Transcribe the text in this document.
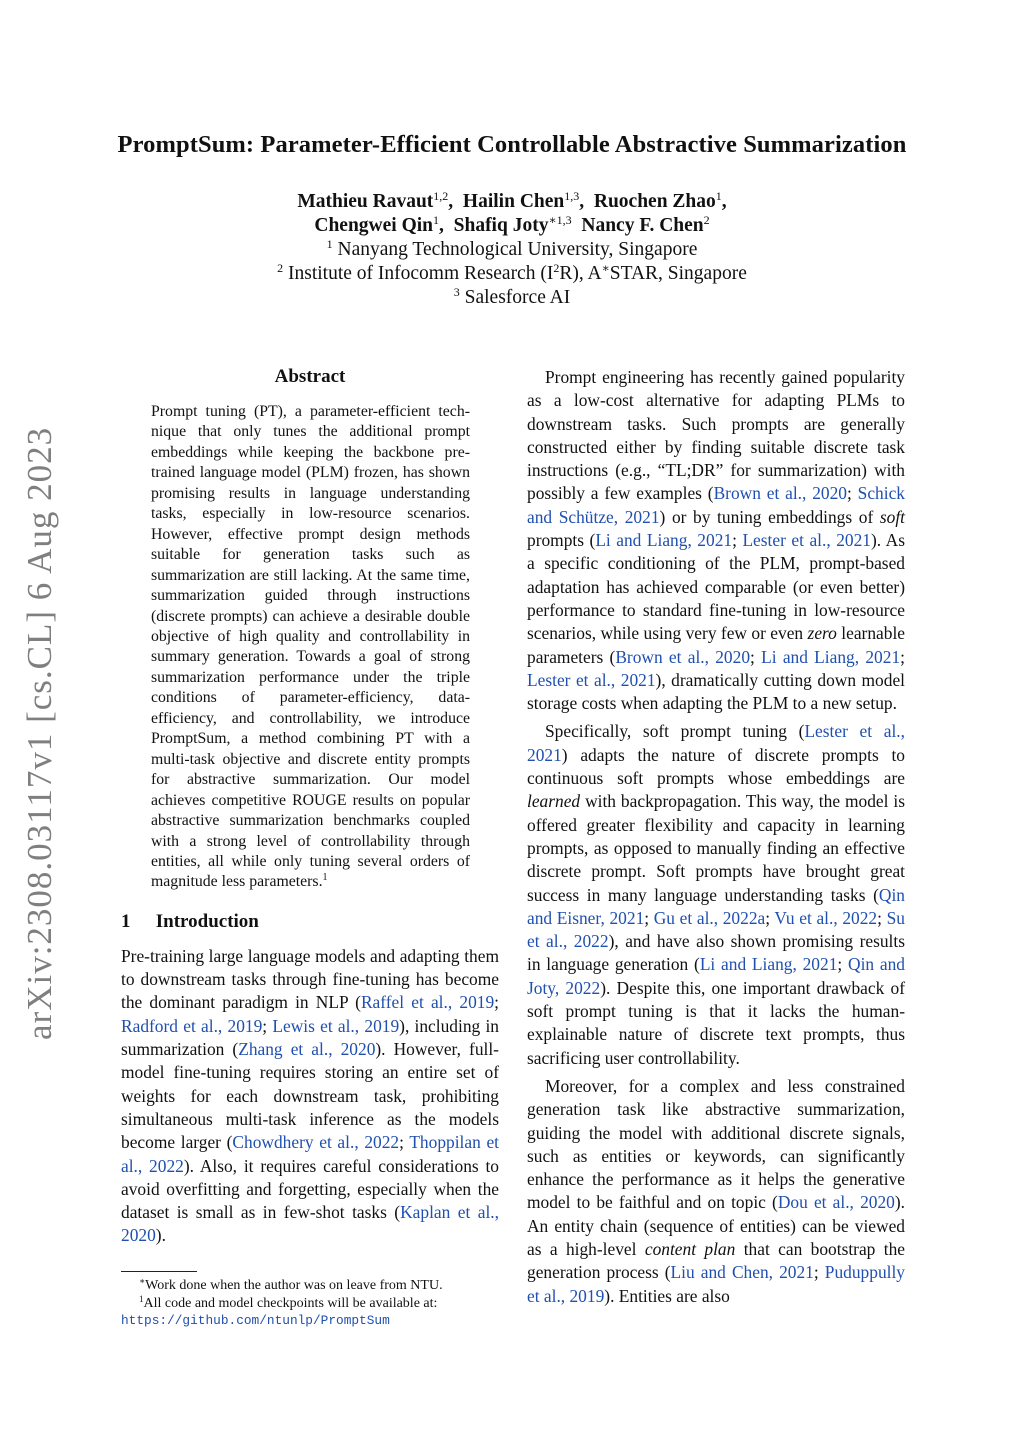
arXiv:2308.03117v1 [cs.CL] 6 Aug 2023
PromptSum: Parameter-Efficient Controllable Abstractive Summarization
Mathieu Ravaut$^{1,2}$,  Hailin Chen$^{1,3}$,  Ruochen Zhao$^1$,
Chengwei Qin$^1$,  Shafiq Joty$^{∗1,3}$ Nancy F. Chen$^2$
$^1$ Nanyang Technological University, Singapore
$^2$ Institute of Infocomm Research $(I^2R)$, A∗STAR, Singapore
$^3$ Salesforce AI
Abstract
Prompt tuning (PT), a parameter-efficient technique that only tunes the additional prompt embeddings while keeping the backbone pretrained language model (PLM) frozen, has shown promising results in language understanding tasks, especially in low-resource scenarios. However, effective prompt design methods suitable for generation tasks such as summarization are still lacking. At the same time, summarization guided through instructions (discrete prompts) can achieve a desirable double objective of high quality and controllability in summary generation. Towards a goal of strong summarization performance under the triple conditions of parameter-efficiency, data-efficiency, and controllability, we introduce PromptSum, a method combining PT with a multi-task objective and discrete entity prompts for abstractive summarization. Our model achieves competitive ROUGE results on popular abstractive summarization benchmarks coupled with a strong level of controllability through entities, all while only tuning several orders of magnitude less parameters.$^1$
1 Introduction

Pre-training large language models and adapting them to downstream tasks through fine-tuning has become the dominant paradigm in NLP (Raffel et al., 2019; Radford et al., 2019; Lewis et al., 2019), including in summarization (Zhang et al., 2020). However, full-model fine-tuning requires storing an entire set of weights for each downstream task, prohibiting simultaneous multi-task inference as the models become larger (Chowdhery et al., 2022; Thoppilan et al., 2022). Also, it requires careful considerations to avoid overfitting and forgetting, especially when the dataset is small as in few-shot tasks (Kaplan et al., 2020).

∗Work done when the author was on leave from NTU.
$^1$All code and model checkpoints will be available at:
https://github.com/ntunlp/PromptSum

Prompt engineering has recently gained popularity as a low-cost alternative for adapting PLMs to downstream tasks. Such prompts are generally constructed either by finding suitable discrete task instructions (e.g., “TL;DR” for summarization) with possibly a few examples (Brown et al., 2020; Schick and Schütze, 2021) or by tuning embeddings of soft prompts (Li and Liang, 2021; Lester et al., 2021). As a specific conditioning of the PLM, prompt-based adaptation has achieved comparable (or even better) performance to standard fine-tuning in low-resource scenarios, while using very few or even zero learnable parameters (Brown et al., 2020; Li and Liang, 2021; Lester et al., 2021), dramatically cutting down model storage costs when adapting the PLM to a new setup.

Specifically, soft prompt tuning (Lester et al., 2021) adapts the nature of discrete prompts to continuous soft prompts whose embeddings are learned with backpropagation. This way, the model is offered greater flexibility and capacity in learning prompts, as opposed to manually finding an effective discrete prompt. Soft prompts have brought great success in many language understanding tasks (Qin and Eisner, 2021; Gu et al., 2022a; Vu et al., 2022; Su et al., 2022), and have also shown promising results in language generation (Li and Liang, 2021; Qin and Joty, 2022). Despite this, one important drawback of soft prompt tuning is that it lacks the human-explainable nature of discrete text prompts, thus sacrificing user controllability.

Moreover, for a complex and less constrained generation task like abstractive summarization, guiding the model with additional discrete signals, such as entities or keywords, can significantly enhance the performance as it helps the generative model to be faithful and on topic (Dou et al., 2020). An entity chain (sequence of entities) can be viewed as a high-level content plan that can bootstrap the generation process (Liu and Chen, 2021; Puduppully et al., 2019). Entities are also
